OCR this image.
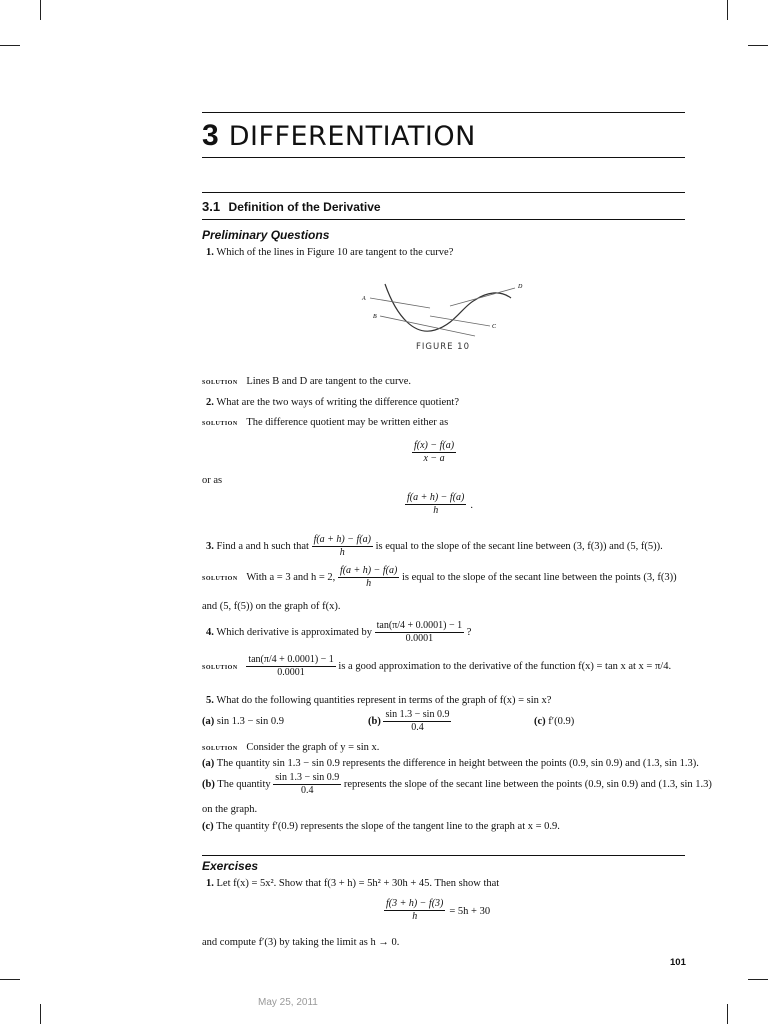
3 DIFFERENTIATION
3.1 Definition of the Derivative
Preliminary Questions
1. Which of the lines in Figure 10 are tangent to the curve?
A
B
C
D
FIGURE 10
solution Lines B and D are tangent to the curve.
2. What are the two ways of writing the difference quotient?
solution The difference quotient may be written either as
$\frac{f(x) - f(a)}{x - a}$
or as
$\frac{f(a + h) - f(a)}{h}$ .
3. Find a and h such that $\frac{f(a + h) - f(a)}{h}$ is equal to the slope of the secant line between (3, f(3)) and (5, f(5)).
solution With a = 3 and h = 2, $\frac{f(a + h) - f(a)}{h}$ is equal to the slope of the secant line between the points (3, f(3))
and (5, f(5)) on the graph of f(x).
4. Which derivative is approximated by $\frac{\tan(\pi/4 + 0.0001) - 1}{0.0001}$ ?
solution $\frac{\tan(\pi/4 + 0.0001) - 1}{0.0001}$ is a good approximation to the derivative of the function f(x) = tan x at x = π/4.
5. What do the following quantities represent in terms of the graph of f(x) = sin x?
(a) sin 1.3 − sin 0.9	$(b) \frac{\sin 1.3 - \sin 0.9}{0.4}$	(c) f′(0.9)
solution Consider the graph of y = sin x.
(a) The quantity sin 1.3 − sin 0.9 represents the difference in height between the points (0.9, sin 0.9) and (1.3, sin 1.3).
(b) The quantity $\frac{\sin 1.3 - \sin 0.9}{0.4}$ represents the slope of the secant line between the points (0.9, sin 0.9) and (1.3, sin 1.3)
on the graph.
(c) The quantity f′(0.9) represents the slope of the tangent line to the graph at x = 0.9.
Exercises
1. Let f(x) = 5x². Show that f(3 + h) = 5h² + 30h + 45. Then show that
$\frac{f(3 + h) - f(3)}{h} = 5h + 30$
and compute f′(3) by taking the limit as h → 0.
101
May 25, 2011
